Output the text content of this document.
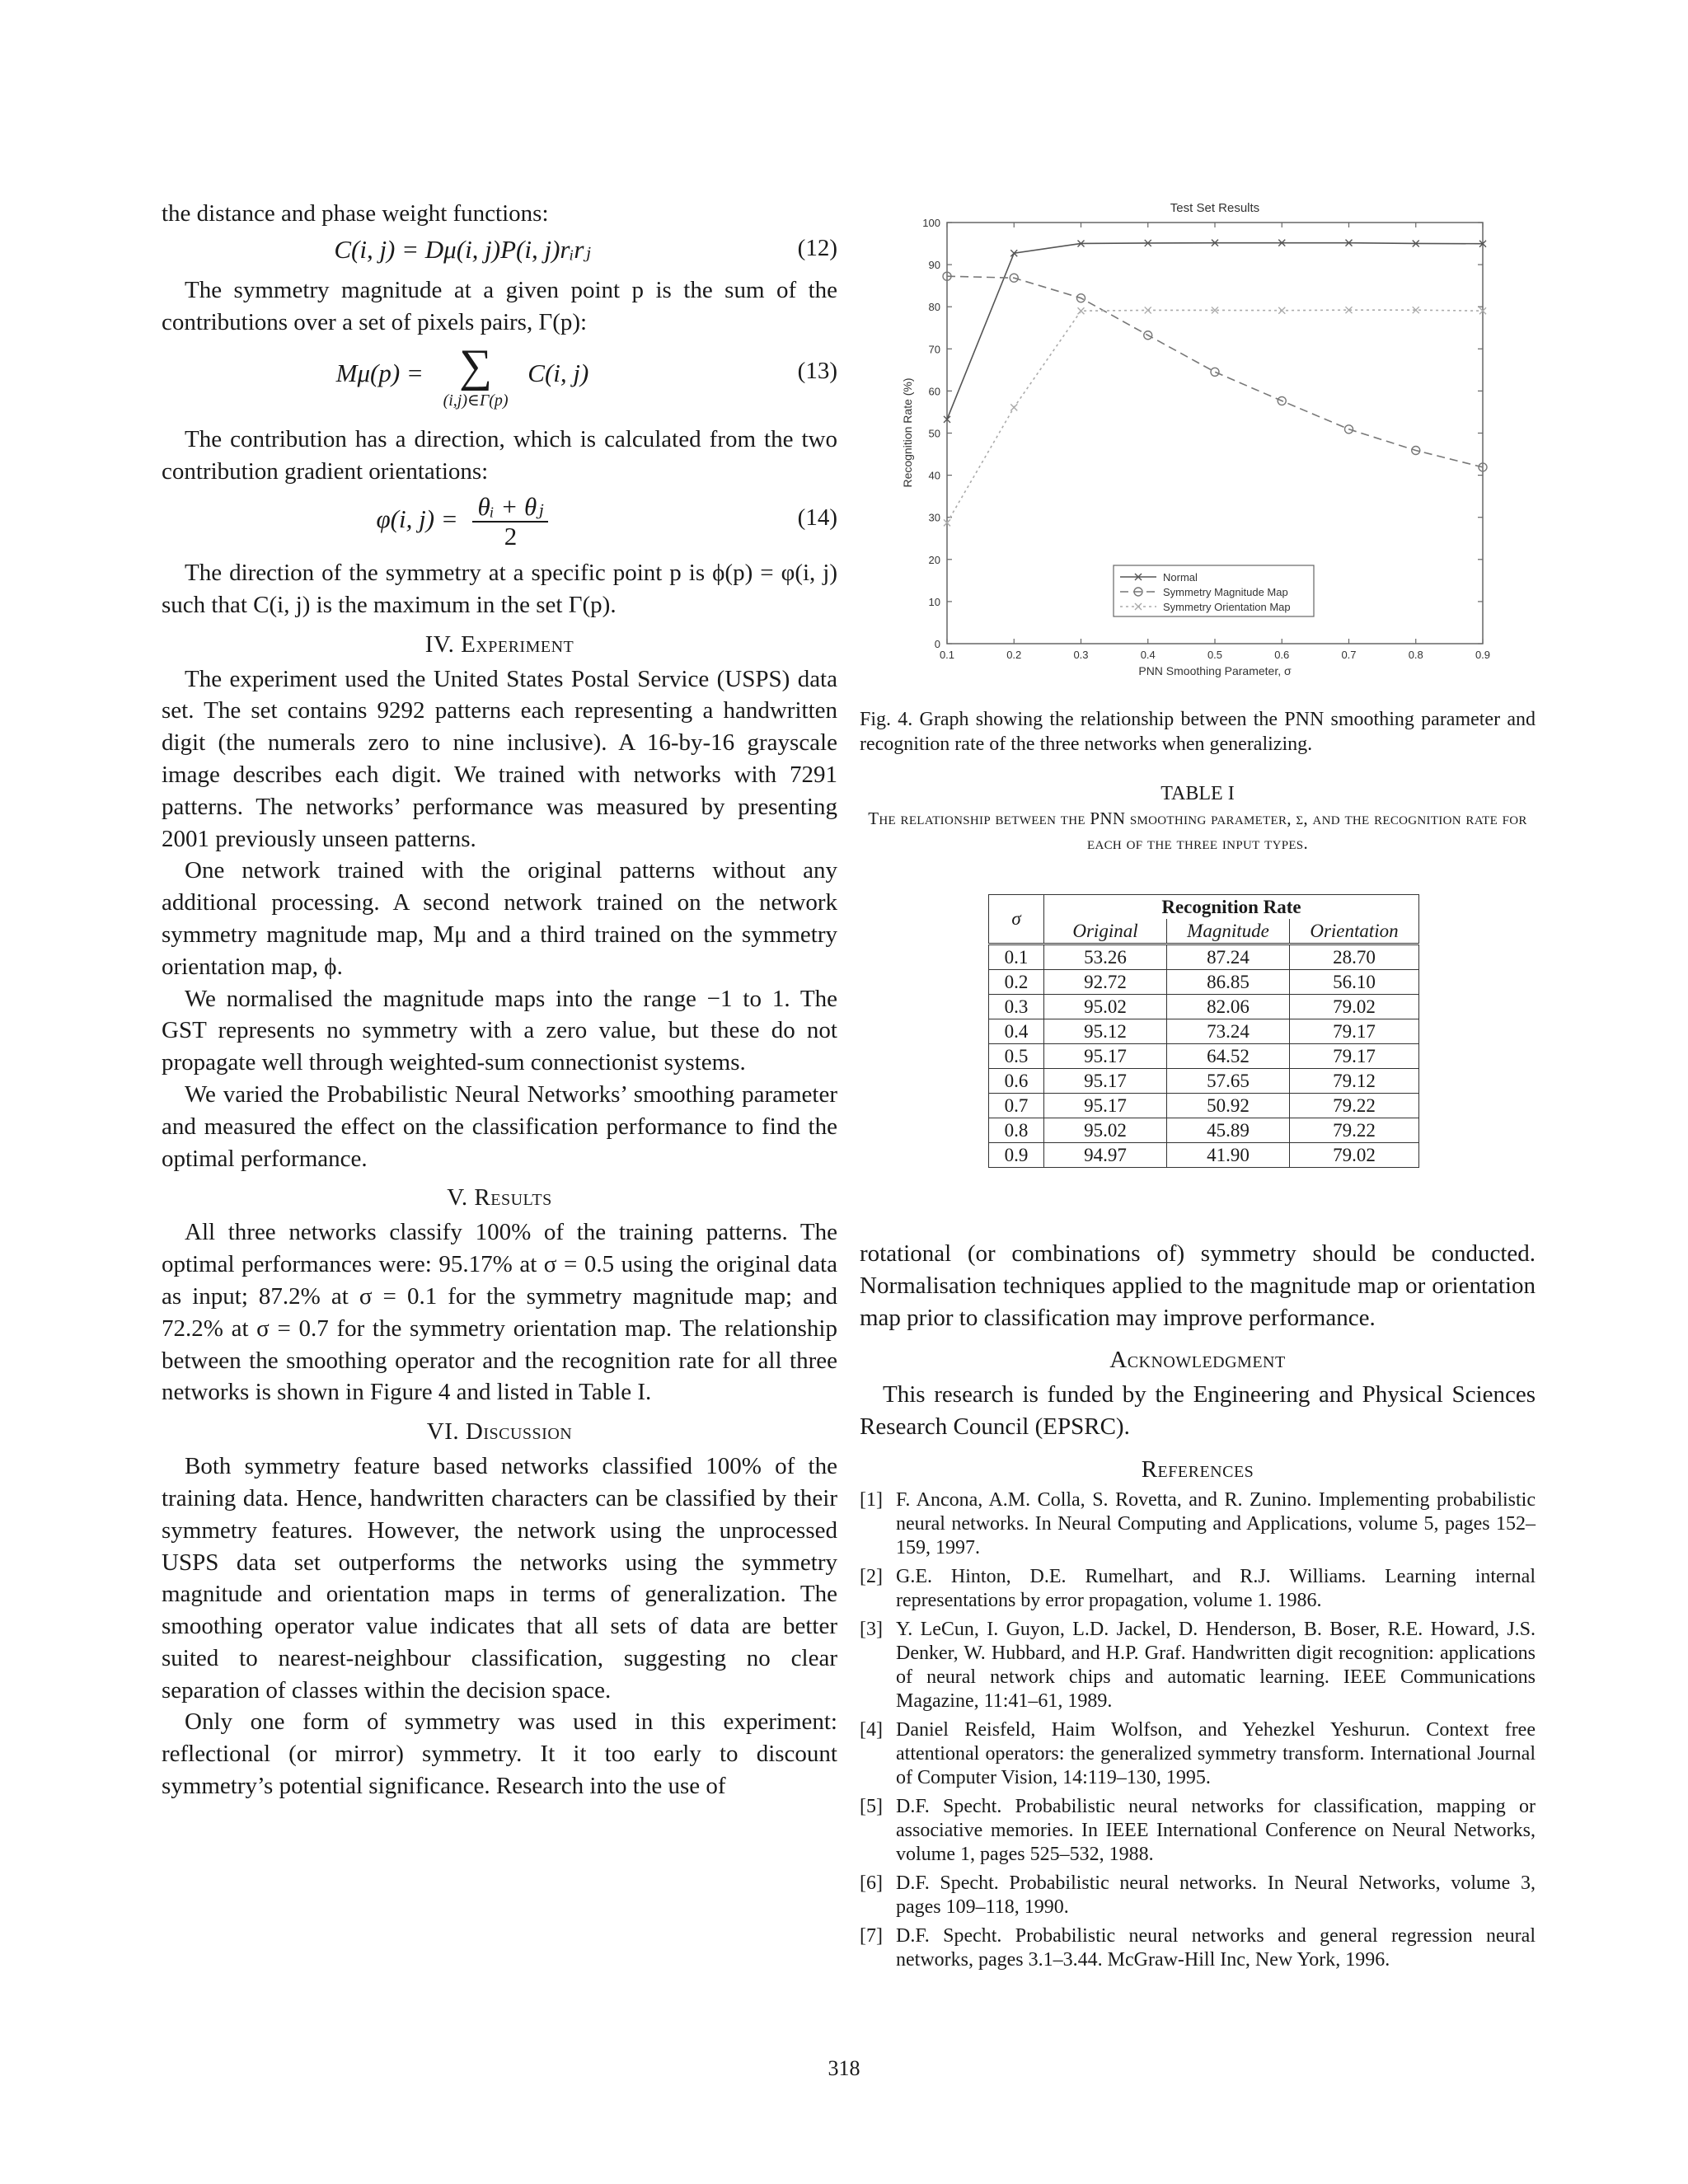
the distance and phase weight functions:

C(i, j) = Dμ(i, j)P(i, j)rᵢrⱼ	(12)

The symmetry magnitude at a given point p is the sum of the contributions over a set of pixels pairs, Γ(p):

Mμ(p) = ∑
(i,j)∈Γ(p)
C(i, j)	(13)

The contribution has a direction, which is calculated from the two contribution gradient orientations:

φ(i, $j) = \frac{\text{θᵢ + θⱼ}}{2}$	(14)

The direction of the symmetry at a specific point p is ϕ(p) = φ(i, j) such that C(i, j) is the maximum in the set Γ(p).

IV. Experiment

The experiment used the United States Postal Service (USPS) data set. The set contains 9292 patterns each representing a handwritten digit (the numerals zero to nine inclusive). A 16-by-16 grayscale image describes each digit. We trained with networks with 7291 patterns. The networks’ performance was measured by presenting 2001 previously unseen patterns.

One network trained with the original patterns without any additional processing. A second network trained on the network symmetry magnitude map, Mμ and a third trained on the symmetry orientation map, ϕ.

We normalised the magnitude maps into the range −1 to 1. The GST represents no symmetry with a zero value, but these do not propagate well through weighted-sum connectionist systems.

We varied the Probabilistic Neural Networks’ smoothing parameter and measured the effect on the classification performance to find the optimal performance.

V. Results

All three networks classify 100% of the training patterns. The optimal performances were: 95.17% at σ = 0.5 using the original data as input; 87.2% at σ = 0.1 for the symmetry magnitude map; and 72.2% at σ = 0.7 for the symmetry orientation map. The relationship between the smoothing operator and the recognition rate for all three networks is shown in Figure 4 and listed in Table I.

VI. Discussion

Both symmetry feature based networks classified 100% of the training data. Hence, handwritten characters can be classified by their symmetry features. However, the network using the unprocessed USPS data set outperforms the networks using the symmetry magnitude and orientation maps in terms of generalization. The smoothing operator value indicates that all sets of data are better suited to nearest-neighbour classification, suggesting no clear separation of classes within the decision space.

Only one form of symmetry was used in this experiment: reflectional (or mirror) symmetry. It it too early to discount symmetry’s potential significance. Research into the use of

Test Set Results
0
10
20
30
40
50
60
70
80
90
100
0.1	0.2	0.3	0.4	0.5	0.6	0.7	0.8	0.9
Recognition Rate (%)
PNN Smoothing Parameter, σ
Normal
Symmetry Magnitude Map
Symmetry Orientation Map
Fig. 4. Graph showing the relationship between the PNN smoothing parameter and recognition rate of the three networks when generalizing.
TABLE I
The relationship between the PNN smoothing parameter, σ, and the recognition rate for each of the three input types.
σ	Recognition Rate		
	Original	Magnitude	Orientation
0.1	53.26	87.24	28.70
0.2	92.72	86.85	56.10
0.3	95.02	82.06	79.02
0.4	95.12	73.24	79.17
0.5	95.17	64.52	79.17
0.6	95.17	57.65	79.12
0.7	95.17	50.92	79.22
0.8	95.02	45.89	79.22
0.9	94.97	41.90	79.02

rotational (or combinations of) symmetry should be conducted. Normalisation techniques applied to the magnitude map or orientation map prior to classification may improve performance.

Acknowledgment

This research is funded by the Engineering and Physical Sciences Research Council (EPSRC).

References
[1] F. Ancona, A.M. Colla, S. Rovetta, and R. Zunino. Implementing probabilistic neural networks. In Neural Computing and Applications, volume 5, pages 152–159, 1997.
[2] G.E. Hinton, D.E. Rumelhart, and R.J. Williams. Learning internal representations by error propagation, volume 1. 1986.
[3] Y. LeCun, I. Guyon, L.D. Jackel, D. Henderson, B. Boser, R.E. Howard, J.S. Denker, W. Hubbard, and H.P. Graf. Handwritten digit recognition: applications of neural network chips and automatic learning. IEEE Communications Magazine, 11:41–61, 1989.
[4] Daniel Reisfeld, Haim Wolfson, and Yehezkel Yeshurun. Context free attentional operators: the generalized symmetry transform. International Journal of Computer Vision, 14:119–130, 1995.
[5] D.F. Specht. Probabilistic neural networks for classification, mapping or associative memories. In IEEE International Conference on Neural Networks, volume 1, pages 525–532, 1988.
[6] D.F. Specht. Probabilistic neural networks. In Neural Networks, volume 3, pages 109–118, 1990.
[7] D.F. Specht. Probabilistic neural networks and general regression neural networks, pages 3.1–3.44. McGraw-Hill Inc, New York, 1996.
318
